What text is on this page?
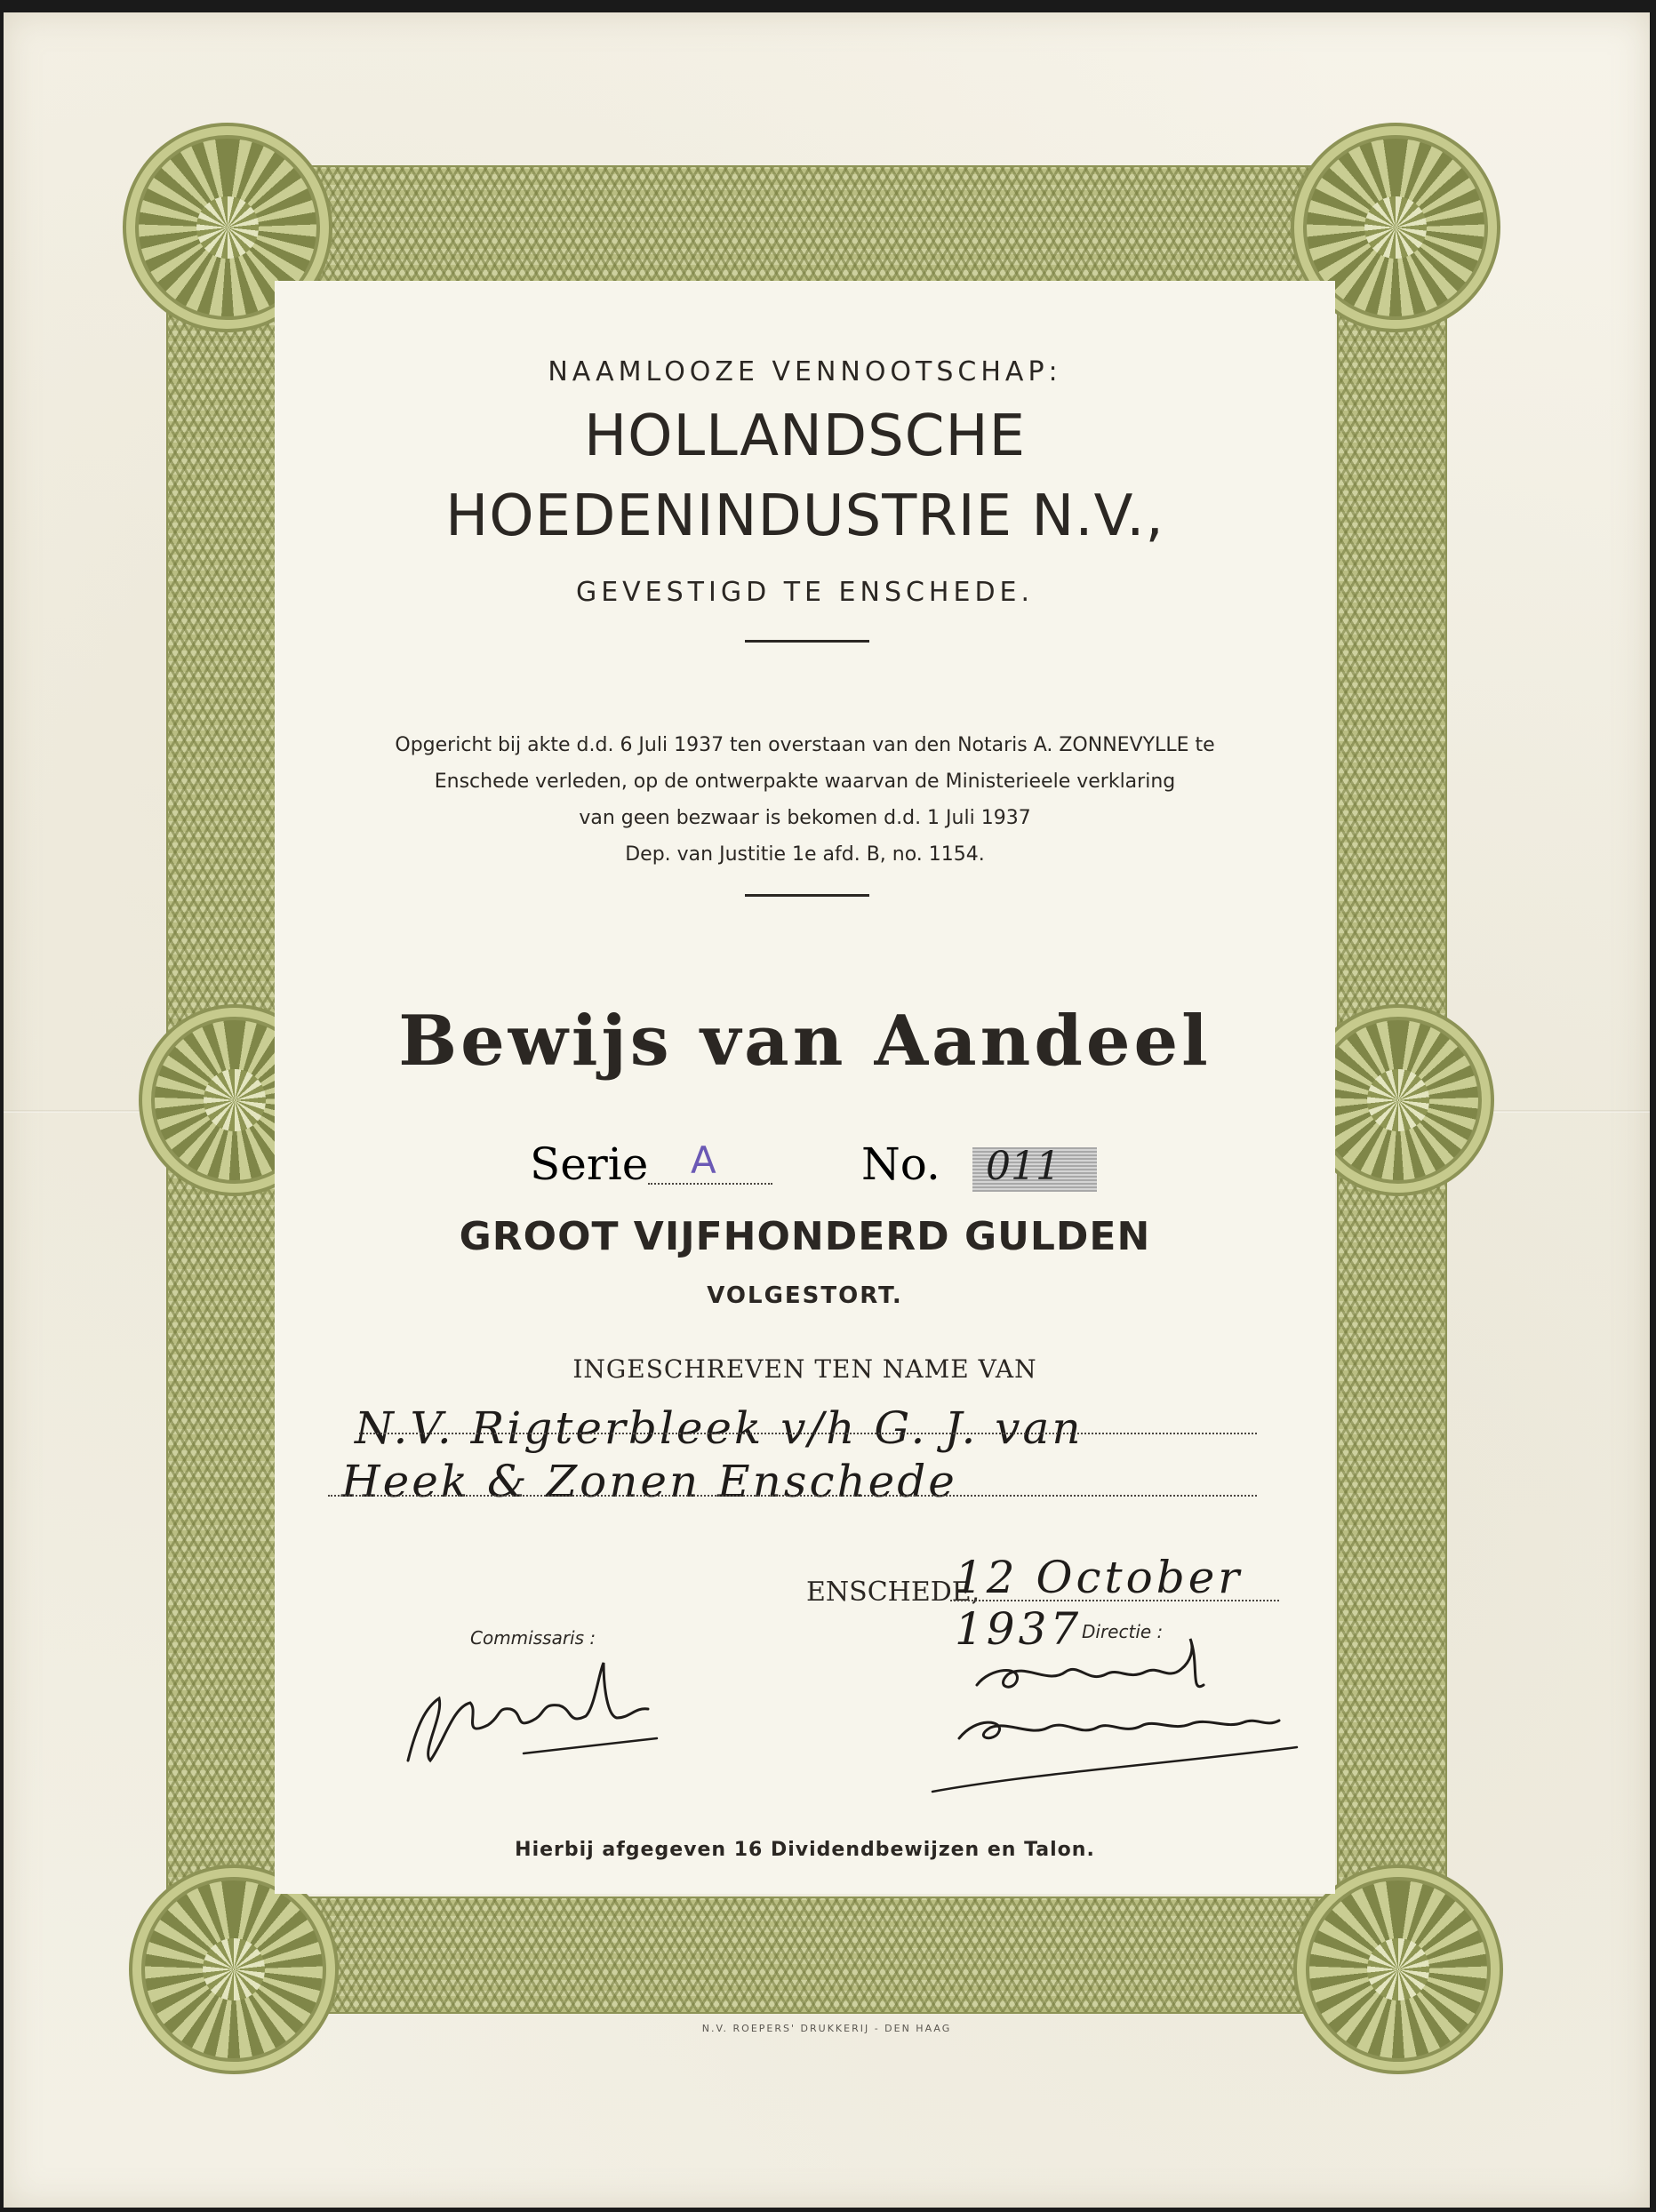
NAAMLOOZE VENNOOTSCHAP:
HOLLANDSCHE
HOEDENINDUSTRIE N.V.,
GEVESTIGD TE ENSCHEDE.
Opgericht bij akte d.d. 6 Juli 1937 ten overstaan van den Notaris A. ZONNEVYLLE te
Enschede verleden, op de ontwerpakte waarvan de Ministerieele verklaring
van geen bezwaar is bekomen d.d. 1 Juli 1937
Dep. van Justitie 1e afd. B, no. 1154.
Bewijs van Aandeel
Serie A	No. 011
GROOT VIJFHONDERD GULDEN
VOLGESTORT.
INGESCHREVEN TEN NAME VAN
N.V. Rigterbleek v/h G. J. van
Heek & Zonen Enschede
ENSCHEDE,
12 October 1937
Commissaris :	Directie :
Hierbij afgegeven 16 Dividendbewijzen en Talon.
N.V. ROEPERS' DRUKKERIJ - DEN HAAG
